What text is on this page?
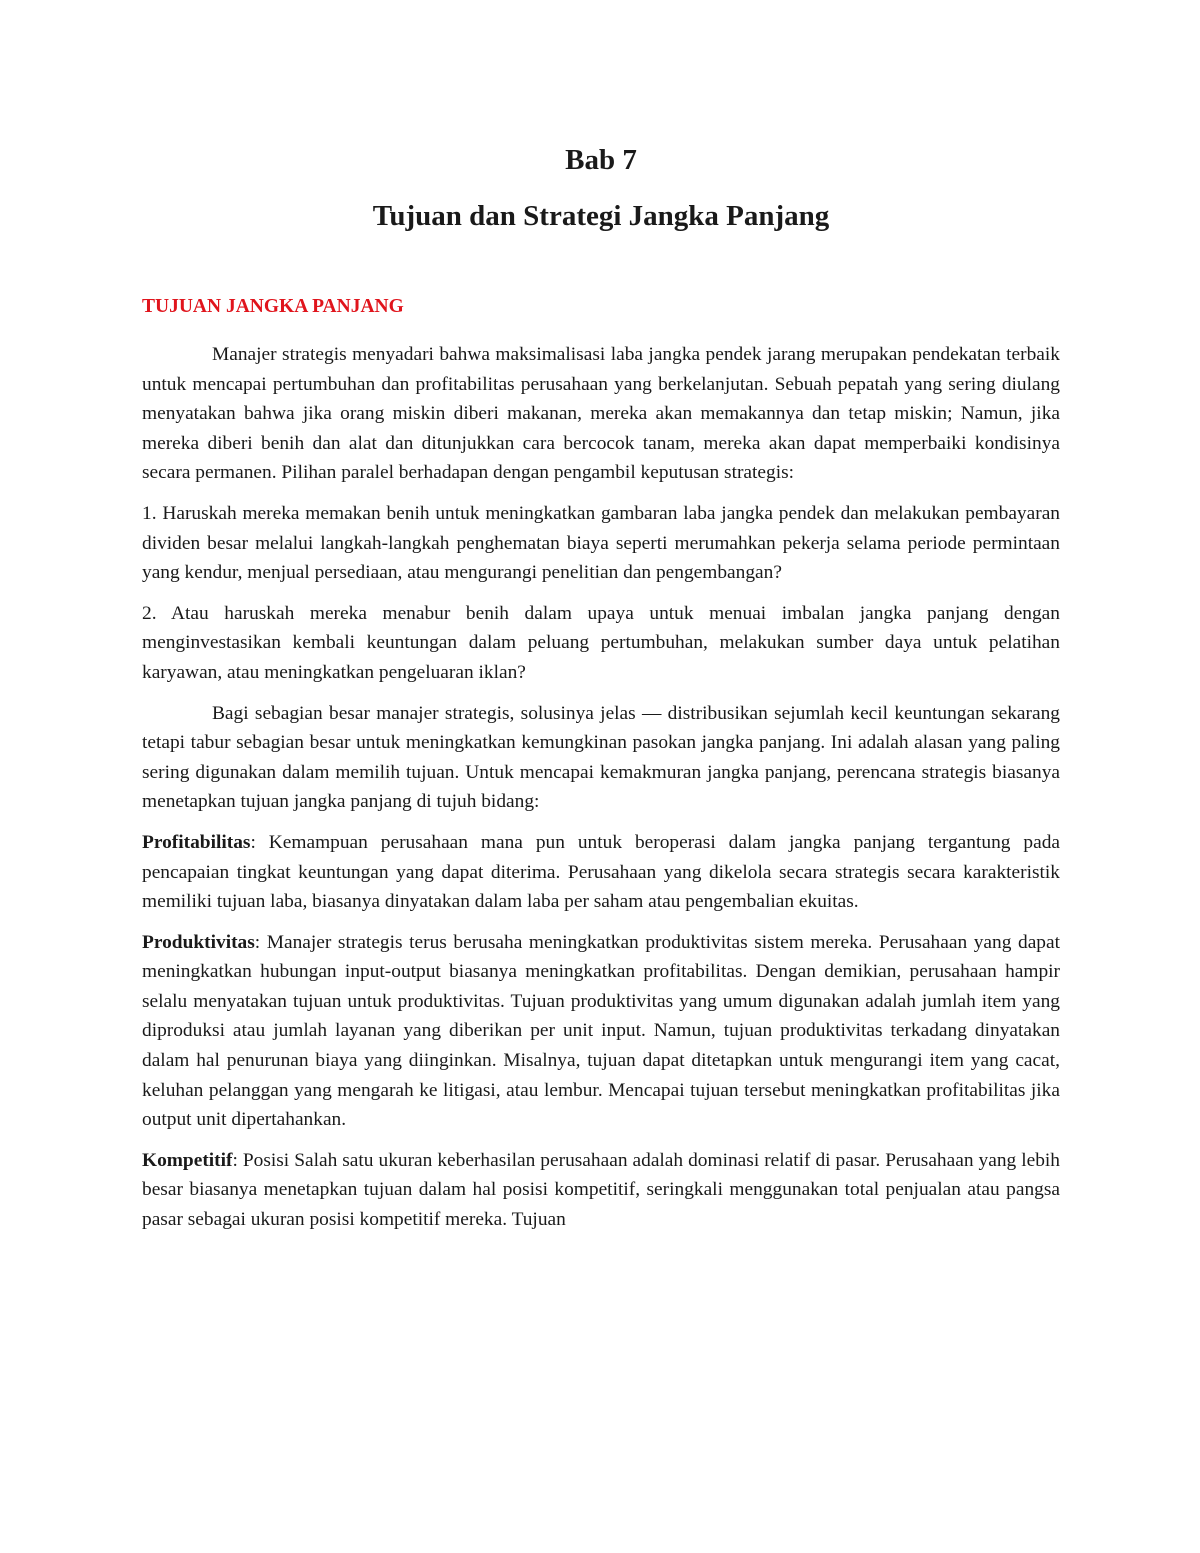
Bab 7
Tujuan dan Strategi Jangka Panjang
TUJUAN JANGKA PANJANG

Manajer strategis menyadari bahwa maksimalisasi laba jangka pendek jarang merupakan pendekatan terbaik untuk mencapai pertumbuhan dan profitabilitas perusahaan yang berkelanjutan. Sebuah pepatah yang sering diulang menyatakan bahwa jika orang miskin diberi makanan, mereka akan memakannya dan tetap miskin; Namun, jika mereka diberi benih dan alat dan ditunjukkan cara bercocok tanam, mereka akan dapat memperbaiki kondisinya secara permanen. Pilihan paralel berhadapan dengan pengambil keputusan strategis:

1. Haruskah mereka memakan benih untuk meningkatkan gambaran laba jangka pendek dan melakukan pembayaran dividen besar melalui langkah-langkah penghematan biaya seperti merumahkan pekerja selama periode permintaan yang kendur, menjual persediaan, atau mengurangi penelitian dan pengembangan?

2. Atau haruskah mereka menabur benih dalam upaya untuk menuai imbalan jangka panjang dengan menginvestasikan kembali keuntungan dalam peluang pertumbuhan, melakukan sumber daya untuk pelatihan karyawan, atau meningkatkan pengeluaran iklan?

Bagi sebagian besar manajer strategis, solusinya jelas — distribusikan sejumlah kecil keuntungan sekarang tetapi tabur sebagian besar untuk meningkatkan kemungkinan pasokan jangka panjang. Ini adalah alasan yang paling sering digunakan dalam memilih tujuan. Untuk mencapai kemakmuran jangka panjang, perencana strategis biasanya menetapkan tujuan jangka panjang di tujuh bidang:

Profitabilitas: Kemampuan perusahaan mana pun untuk beroperasi dalam jangka panjang tergantung pada pencapaian tingkat keuntungan yang dapat diterima. Perusahaan yang dikelola secara strategis secara karakteristik memiliki tujuan laba, biasanya dinyatakan dalam laba per saham atau pengembalian ekuitas.

Produktivitas: Manajer strategis terus berusaha meningkatkan produktivitas sistem mereka. Perusahaan yang dapat meningkatkan hubungan input-output biasanya meningkatkan profitabilitas. Dengan demikian, perusahaan hampir selalu menyatakan tujuan untuk produktivitas. Tujuan produktivitas yang umum digunakan adalah jumlah item yang diproduksi atau jumlah layanan yang diberikan per unit input. Namun, tujuan produktivitas terkadang dinyatakan dalam hal penurunan biaya yang diinginkan. Misalnya, tujuan dapat ditetapkan untuk mengurangi item yang cacat, keluhan pelanggan yang mengarah ke litigasi, atau lembur. Mencapai tujuan tersebut meningkatkan profitabilitas jika output unit dipertahankan.

Kompetitif: Posisi Salah satu ukuran keberhasilan perusahaan adalah dominasi relatif di pasar. Perusahaan yang lebih besar biasanya menetapkan tujuan dalam hal posisi kompetitif, seringkali menggunakan total penjualan atau pangsa pasar sebagai ukuran posisi kompetitif mereka. Tujuan
